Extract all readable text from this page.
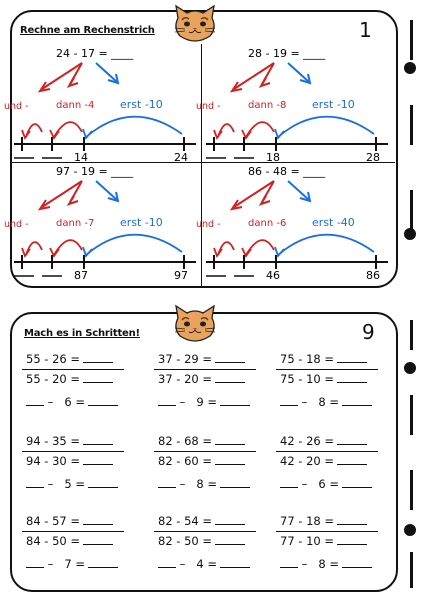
Rechne am Rechenstrich	1
24 - 17 = ____
und -	dann -4 erst -10
14	24
28 - 19 = ____
und -	dann -8 erst -10
18	28
97 - 19 = ____
und -	dann -7 erst -10
87	97
86 - 48 = ____
und -	dann -6 erst -40
46	86
Mach es in Schritten!	9
55 - 26 =
55 - 20 =
–   6 =
37 - 29 =
37 - 20 =
–   9 =
75 - 18 =
75 - 10 =
–   8 =
94 - 35 =
94 - 30 =
–   5 =
82 - 68 =
82 - 60 =
–   8 =
42 - 26 =
42 - 20 =
–   6 =
84 - 57 =
84 - 50 =
–   7 =
82 - 54 =
82 - 50 =
–   4 =
77 - 18 =
77 - 10 =
–   8 =
